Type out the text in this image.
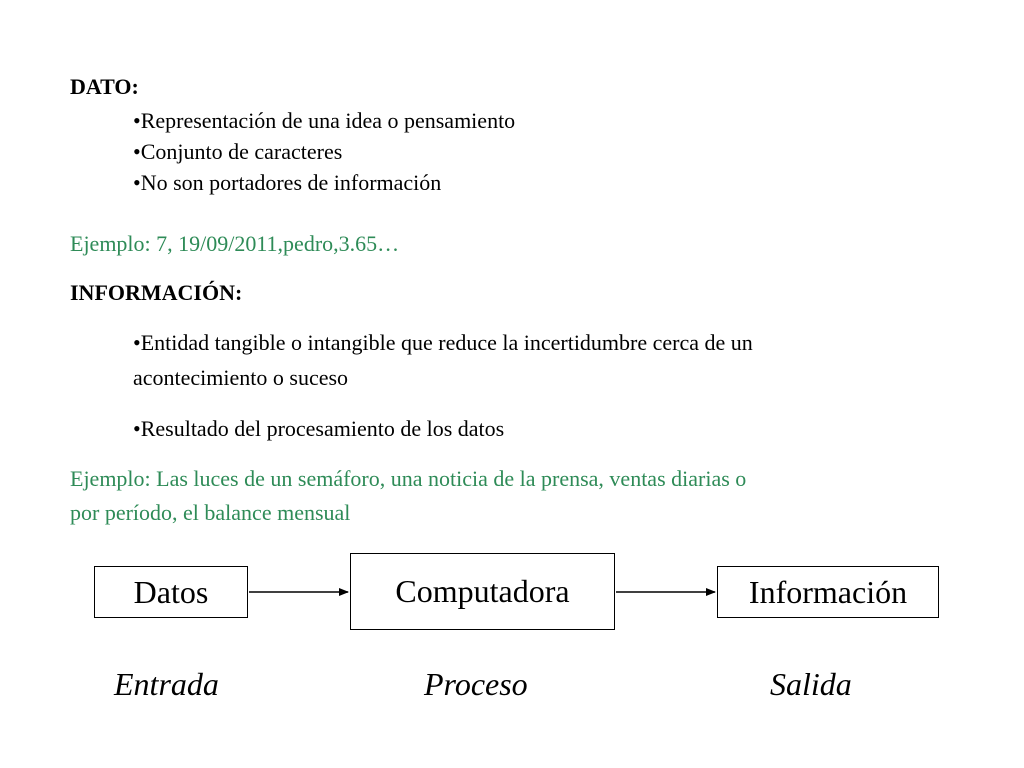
DATO:
•Representación de una idea o pensamiento
•Conjunto de caracteres
•No son portadores de información
Ejemplo: 7, 19/09/2011,pedro,3.65…
INFORMACIÓN:
•Entidad tangible o intangible que reduce la incertidumbre cerca de un
acontecimiento o suceso
•Resultado del procesamiento de los datos
Ejemplo: Las luces de un semáforo, una noticia de la prensa, ventas diarias o
por período, el balance mensual
Datos	Computadora	Información
Entrada	Proceso	Salida
